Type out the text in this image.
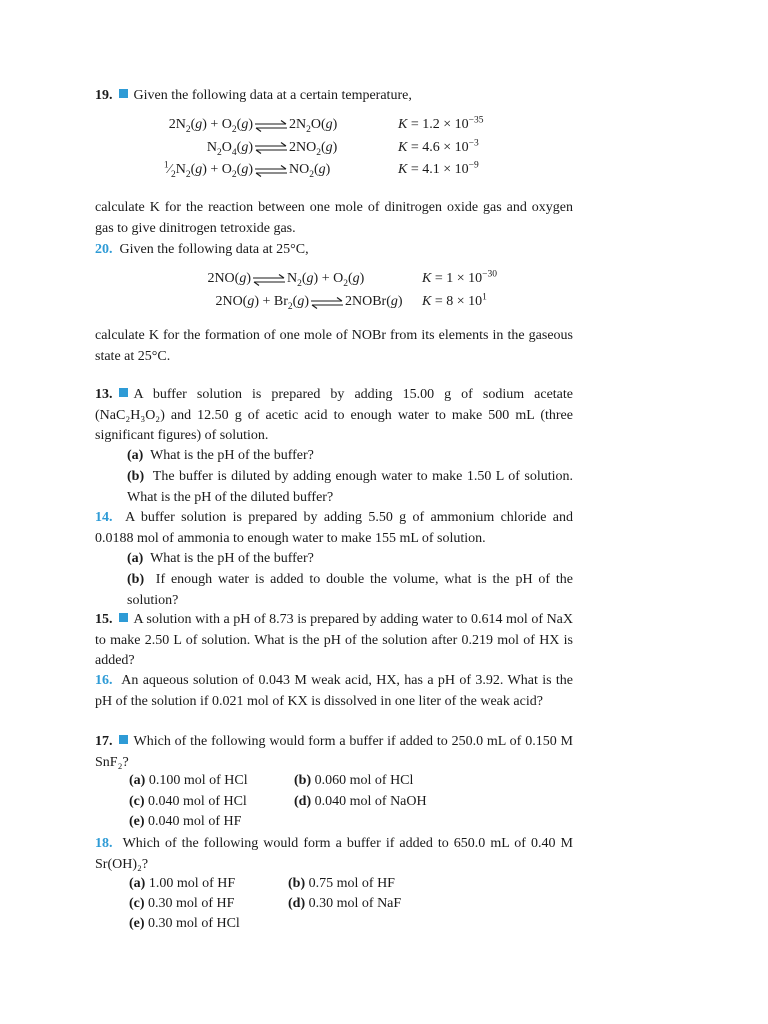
19. Given the following data at a certain temperature,
$2N_2(g) + O_2(g)$ ⇌ $2N_2O(g)$	$K = 1.2 \times 10^{-35}$
$N_2O_4(g)$ ⇌ $2NO_2(g)$	$K = 4.6 \times 10^{-3}$
$^1⁄_2N_2(g) + O_2(g)$ ⇌ $NO_2(g)$	$K = 4.1 \times 10^{-9}$
calculate K for the reaction between one mole of dinitrogen oxide gas and oxygen gas to give dinitrogen tetroxide gas.
20. Given the following data at 25°C,
2NO(g) ⇌ $N_2(g) + O_2(g)$	$K = 1 \times 10^{-30}$
$2NO(g) + Br_2(g)$ ⇌ 2NOBr(g) $K = 8 \times 10^1$
calculate K for the formation of one mole of NOBr from its elements in the gaseous state at 25°C.
13. A buffer solution is prepared by adding 15.00 g of sodium acetate (NaC₂H₃O₂) and 12.50 g of acetic acid to enough water to make 500 mL (three significant figures) of solution.
(a) What is the pH of the buffer?
(b) The buffer is diluted by adding enough water to make 1.50 L of solution. What is the pH of the diluted buffer?
14. A buffer solution is prepared by adding 5.50 g of ammonium chloride and 0.0188 mol of ammonia to enough water to make 155 mL of solution.
(a) What is the pH of the buffer?
(b) If enough water is added to double the volume, what is the pH of the solution?
15. A solution with a pH of 8.73 is prepared by adding water to 0.614 mol of NaX to make 2.50 L of solution. What is the pH of the solution after 0.219 mol of HX is added?
16. An aqueous solution of 0.043 M weak acid, HX, has a pH of 3.92. What is the pH of the solution if 0.021 mol of KX is dissolved in one liter of the weak acid?
17. Which of the following would form a buffer if added to 250.0 mL of 0.150 M SnF₂?
(a) 0.100 mol of HCl	(b) 0.060 mol of HCl
(c) 0.040 mol of HCl	(d) 0.040 mol of NaOH
(e) 0.040 mol of HF
18. Which of the following would form a buffer if added to 650.0 mL of 0.40 M Sr(OH)₂?
(a) 1.00 mol of HF	(b) 0.75 mol of HF
(c) 0.30 mol of HF	(d) 0.30 mol of NaF
(e) 0.30 mol of HCl
